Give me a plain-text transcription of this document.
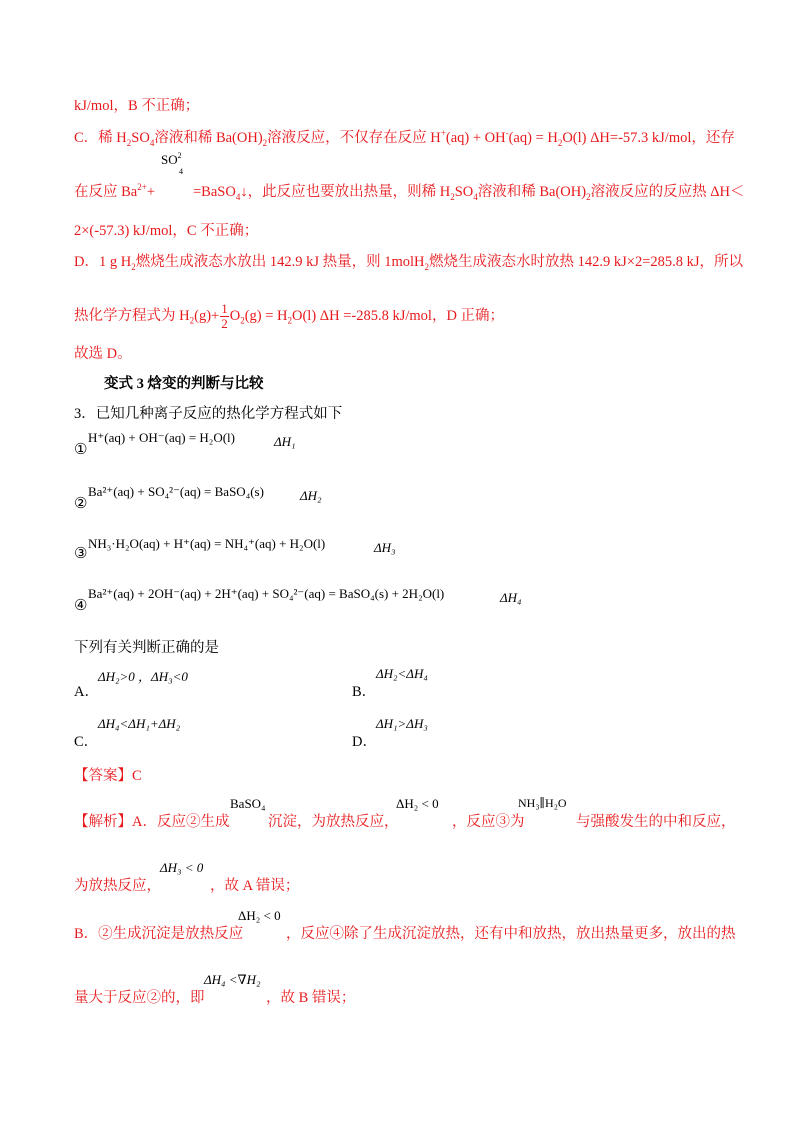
kJ/mol，B 不正确；
C．稀 $H_2SO_4$溶液和稀 $Ba(OH)_2$溶液反应，不仅存在反应 $H^+(aq) + OH^-(aq) = H_2O(l)$ ΔH=-57.3 kJ/mol，还存
在反应 $Ba^{2+}+$
$SO^2$
4
=BaSO$_4$↓，此反应也要放出热量，则稀 $H_2SO_4$溶液和稀 $Ba(OH)_2$溶液反应的反应热 ΔH＜
2×(-57.3) kJ/mol，C 不正确；
D．1 g $H_2$燃烧生成液态水放出 142.9 kJ 热量，则 1molH$_2$燃烧生成液态水时放热 142.9 kJ×2=285.8 kJ，所以
热化学方程式为 $H_2(g)+ \frac{1}{2} O_2(g) = H_2O(l)$ ΔH =-285.8 kJ/mol，D 正确；
故选 D。
变式 3 焓变的判断与比较
3．已知几种离子反应的热化学方程式如下
①
H⁺(aq) + OH⁻(aq) = H₂O(l)	ΔH₁
②
Ba²⁺(aq) + SO₄²⁻(aq) = BaSO₄(s)	ΔH₂
③
NH₃·H₂O(aq) + H⁺(aq) = NH₄⁺(aq) + H₂O(l)	ΔH₃
④
Ba²⁺(aq) + 2OH⁻(aq) + 2H⁺(aq) + SO₄²⁻(aq) = BaSO₄(s) + 2H₂O(l)	ΔH₄
下列有关判断正确的是
A．
ΔH₂>0 ，ΔH₃<0
B．
ΔH₂<ΔH₄
C．
ΔH₄<ΔH₁+ΔH₂
D．
ΔH₁>ΔH₃
【答案】C
【解析】A．反应②生成
BaSO₄
沉淀，为放热反应，
ΔH₂ < 0
，反应③为
NH₃∥H₂O
与强酸发生的中和反应，
为放热反应，
ΔH₃ < 0
，故 A 错误；
B．②生成沉淀是放热反应
ΔH₂ < 0
，反应④除了生成沉淀放热，还有中和放热，放出热量更多，放出的热
量大于反应②的，即
ΔH₄ <∇H₂
，故 B 错误；
